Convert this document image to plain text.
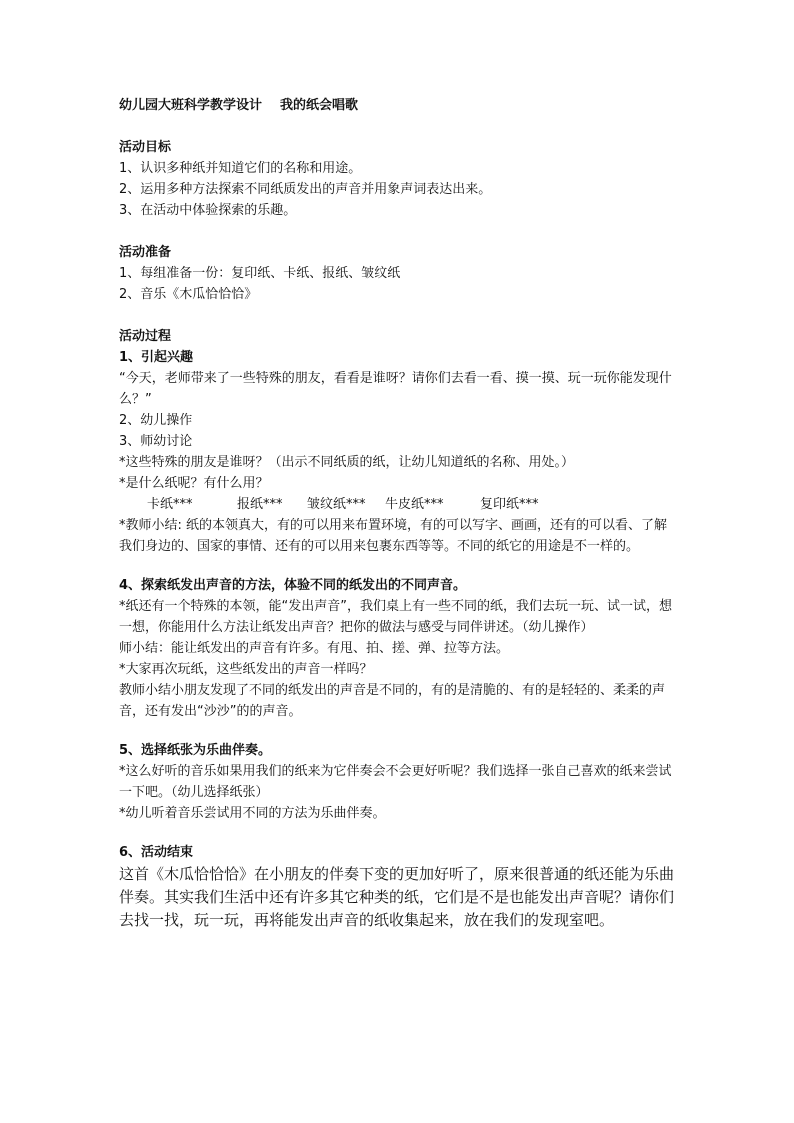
幼儿园大班科学教学设计 我的纸会唱歌
活动目标
1、认识多种纸并知道它们的名称和用途。
2、运用多种方法探索不同纸质发出的声音并用象声词表达出来。
3、在活动中体验探索的乐趣。
活动准备
1、每组准备一份：复印纸、卡纸、报纸、皱纹纸
2、音乐《木瓜恰恰恰》
活动过程
1、引起兴趣
“今天，老师带来了一些特殊的朋友，看看是谁呀？请你们去看一看、摸一摸、玩一玩你能发现什么？”
2、幼儿操作
3、师幼讨论
*这些特殊的朋友是谁呀？（出示不同纸质的纸，让幼儿知道纸的名称、用处。）
*是什么纸呢？有什么用？
卡纸***	报纸*** 皱纹纸*** 牛皮纸***	复印纸***
*教师小结: 纸的本领真大，有的可以用来布置环境，有的可以写字、画画，还有的可以看、了解我们身边的、国家的事情、还有的可以用来包裹东西等等。不同的纸它的用途是不一样的。
4、探索纸发出声音的方法，体验不同的纸发出的不同声音。
*纸还有一个特殊的本领，能“发出声音”，我们桌上有一些不同的纸，我们去玩一玩、试一试，想一想，你能用什么方法让纸发出声音？把你的做法与感受与同伴讲述。（幼儿操作）
师小结：能让纸发出的声音有许多。有甩、拍、搓、弹、拉等方法。
*大家再次玩纸，这些纸发出的声音一样吗？
教师小结小朋友发现了不同的纸发出的声音是不同的，有的是清脆的、有的是轻轻的、柔柔的声音，还有发出“沙沙”的的声音。
5、选择纸张为乐曲伴奏。
*这么好听的音乐如果用我们的纸来为它伴奏会不会更好听呢？我们选择一张自己喜欢的纸来尝试一下吧。（幼儿选择纸张）
*幼儿听着音乐尝试用不同的方法为乐曲伴奏。
6、活动结束
这首《木瓜恰恰恰》在小朋友的伴奏下变的更加好听了，原来很普通的纸还能为乐曲伴奏。其实我们生活中还有许多其它种类的纸，它们是不是也能发出声音呢？请你们去找一找，玩一玩，再将能发出声音的纸收集起来，放在我们的发现室吧。
